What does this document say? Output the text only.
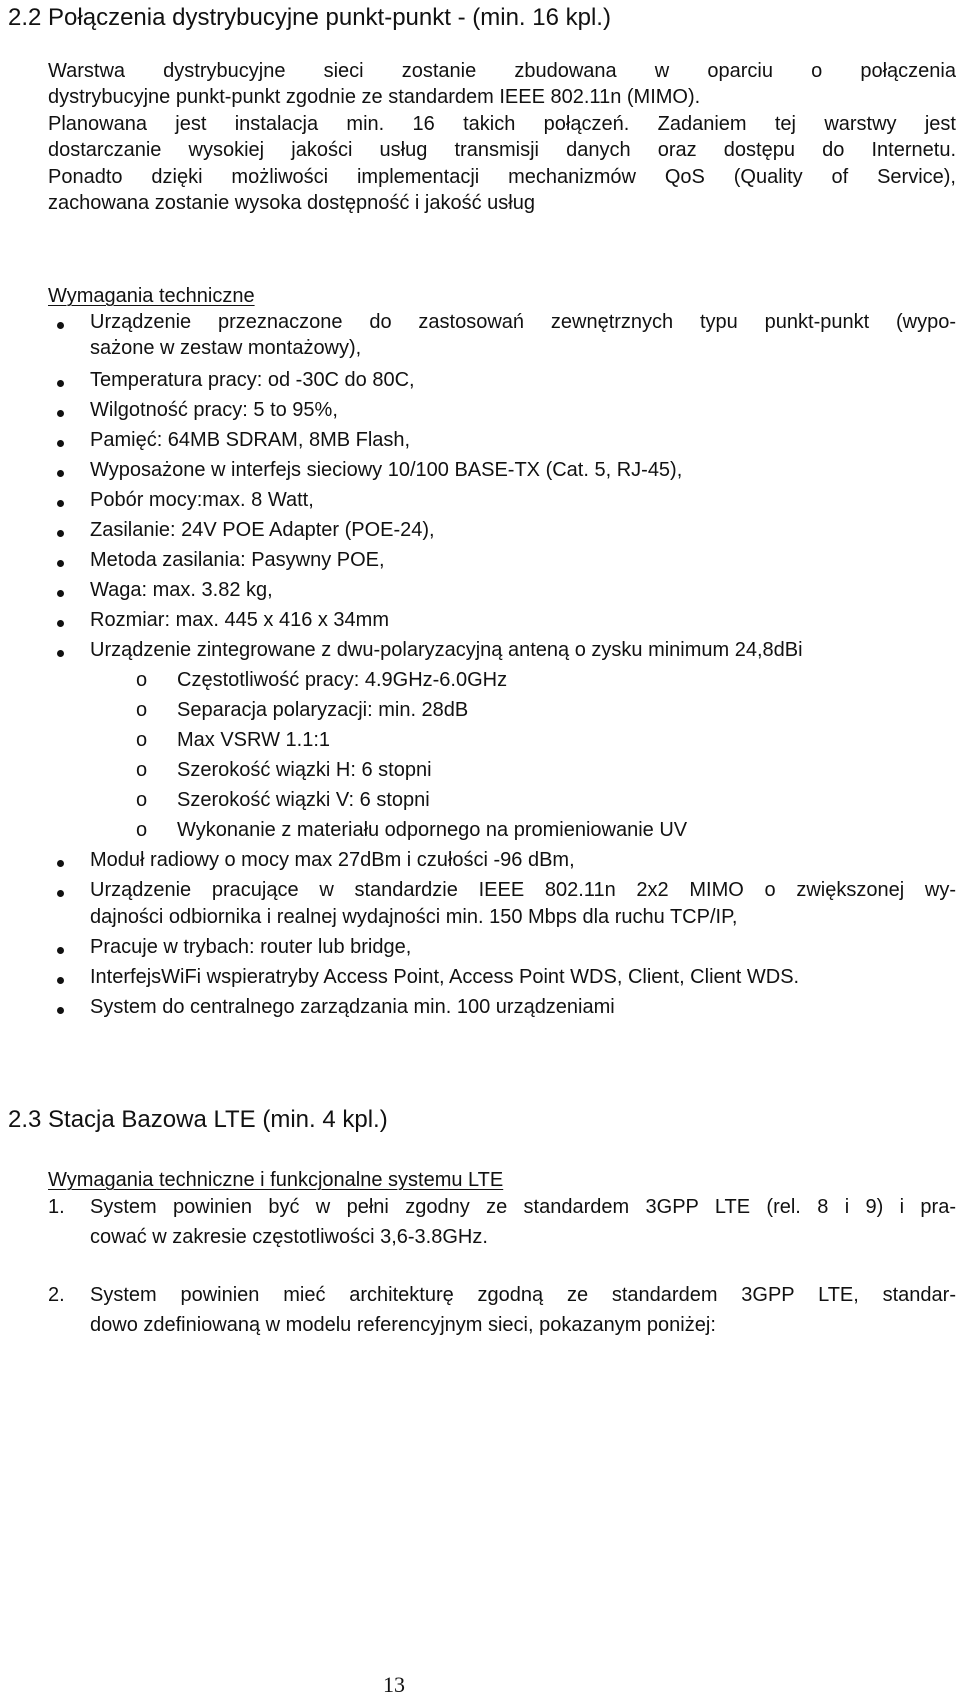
2.2 Połączenia dystrybucyjne punkt-punkt - (min. 16 kpl.)
Warstwa dystrybucyjne sieci zostanie zbudowana w oparciu o połączenia
dystrybucyjne punkt-punkt zgodnie ze standardem IEEE 802.11n (MIMO).
Planowana jest instalacja min. 16 takich połączeń. Zadaniem tej warstwy jest
dostarczanie wysokiej jakości usług transmisji danych oraz dostępu do Internetu.
Ponadto dzięki możliwości implementacji mechanizmów QoS (Quality of Service),
zachowana zostanie wysoka dostępność i jakość usług
Wymagania techniczne
Urządzenie przeznaczone do zastosowań zewnętrznych typu punkt-punkt (wypo-
sażone w zestaw montażowy),
Temperatura pracy: od -30C do 80C,
Wilgotność pracy: 5 to 95%,
Pamięć: 64MB SDRAM, 8MB Flash,
Wyposażone w interfejs sieciowy 10/100 BASE-TX (Cat. 5, RJ-45),
Pobór mocy:max. 8 Watt,
Zasilanie: 24V POE Adapter (POE-24),
Metoda zasilania: Pasywny POE,
Waga: max. 3.82 kg,
Rozmiar: max. 445 x 416 x 34mm
Urządzenie zintegrowane z dwu-polaryzacyjną anteną o zysku minimum 24,8dBi
o Częstotliwość pracy: 4.9GHz-6.0GHz
o Separacja polaryzacji: min. 28dB
o Max VSRW 1.1:1
o Szerokość wiązki H: 6 stopni
o Szerokość wiązki V: 6 stopni
o Wykonanie z materiału odpornego na promieniowanie UV
Moduł radiowy o mocy max 27dBm i czułości -96 dBm,
Urządzenie pracujące w standardzie IEEE 802.11n 2x2 MIMO o zwiększonej wy-
dajności odbiornika i realnej wydajności min. 150 Mbps dla ruchu TCP/IP,
Pracuje w trybach: router lub bridge,
InterfejsWiFi wspieratryby Access Point, Access Point WDS, Client, Client WDS.
System do centralnego zarządzania min. 100 urządzeniami
2.3 Stacja Bazowa LTE (min. 4 kpl.)
Wymagania techniczne i funkcjonalne systemu LTE
1. System powinien być w pełni zgodny ze standardem 3GPP LTE (rel. 8 i 9) i pra-
cować w zakresie częstotliwości 3,6-3.8GHz.
2. System powinien mieć architekturę zgodną ze standardem 3GPP LTE, standar-
dowo zdefiniowaną w modelu referencyjnym sieci, pokazanym poniżej:
13
